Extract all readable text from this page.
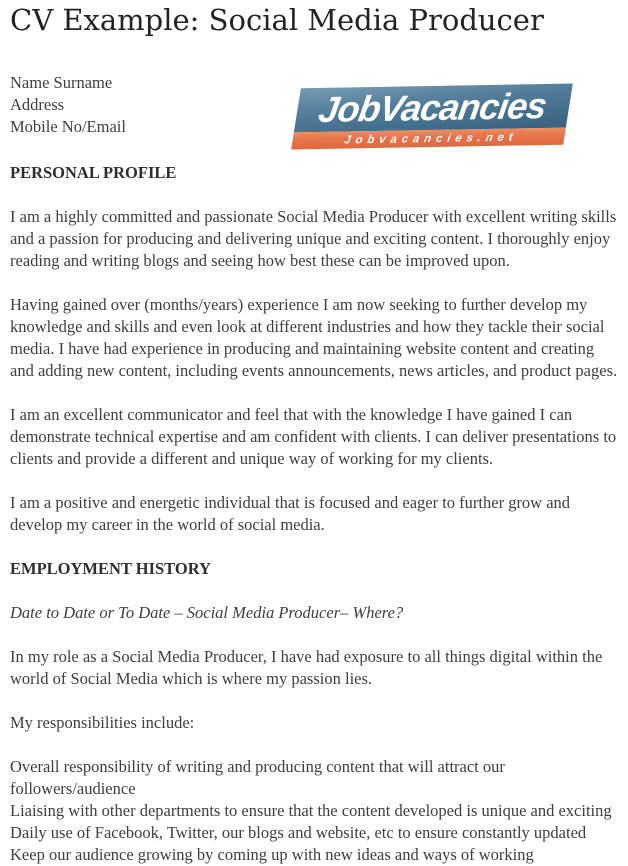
CV Example: Social Media Producer
Name Surname
Address
Mobile No/Email	JobVacancies
Jobvacancies.net
PERSONAL PROFILE

I am a highly committed and passionate Social Media Producer with excellent writing skills and a passion for producing and delivering unique and exciting content. I thoroughly enjoy reading and writing blogs and seeing how best these can be improved upon.

Having gained over (months/years) experience I am now seeking to further develop my knowledge and skills and even look at different industries and how they tackle their social media. I have had experience in producing and maintaining website content and creating and adding new content, including events announcements, news articles, and product pages.

I am an excellent communicator and feel that with the knowledge I have gained I can demonstrate technical expertise and am confident with clients. I can deliver presentations to clients and provide a different and unique way of working for my clients.

I am a positive and energetic individual that is focused and eager to further grow and develop my career in the world of social media.

EMPLOYMENT HISTORY

Date to Date or To Date – Social Media Producer– Where?

In my role as a Social Media Producer, I have had exposure to all things digital within the world of Social Media which is where my passion lies.

My responsibilities include:

Overall responsibility of writing and producing content that will attract our followers/audience
Liaising with other departments to ensure that the content developed is unique and exciting
Daily use of Facebook, Twitter, our blogs and website, etc to ensure constantly updated
Keep our audience growing by coming up with new ideas and ways of working
